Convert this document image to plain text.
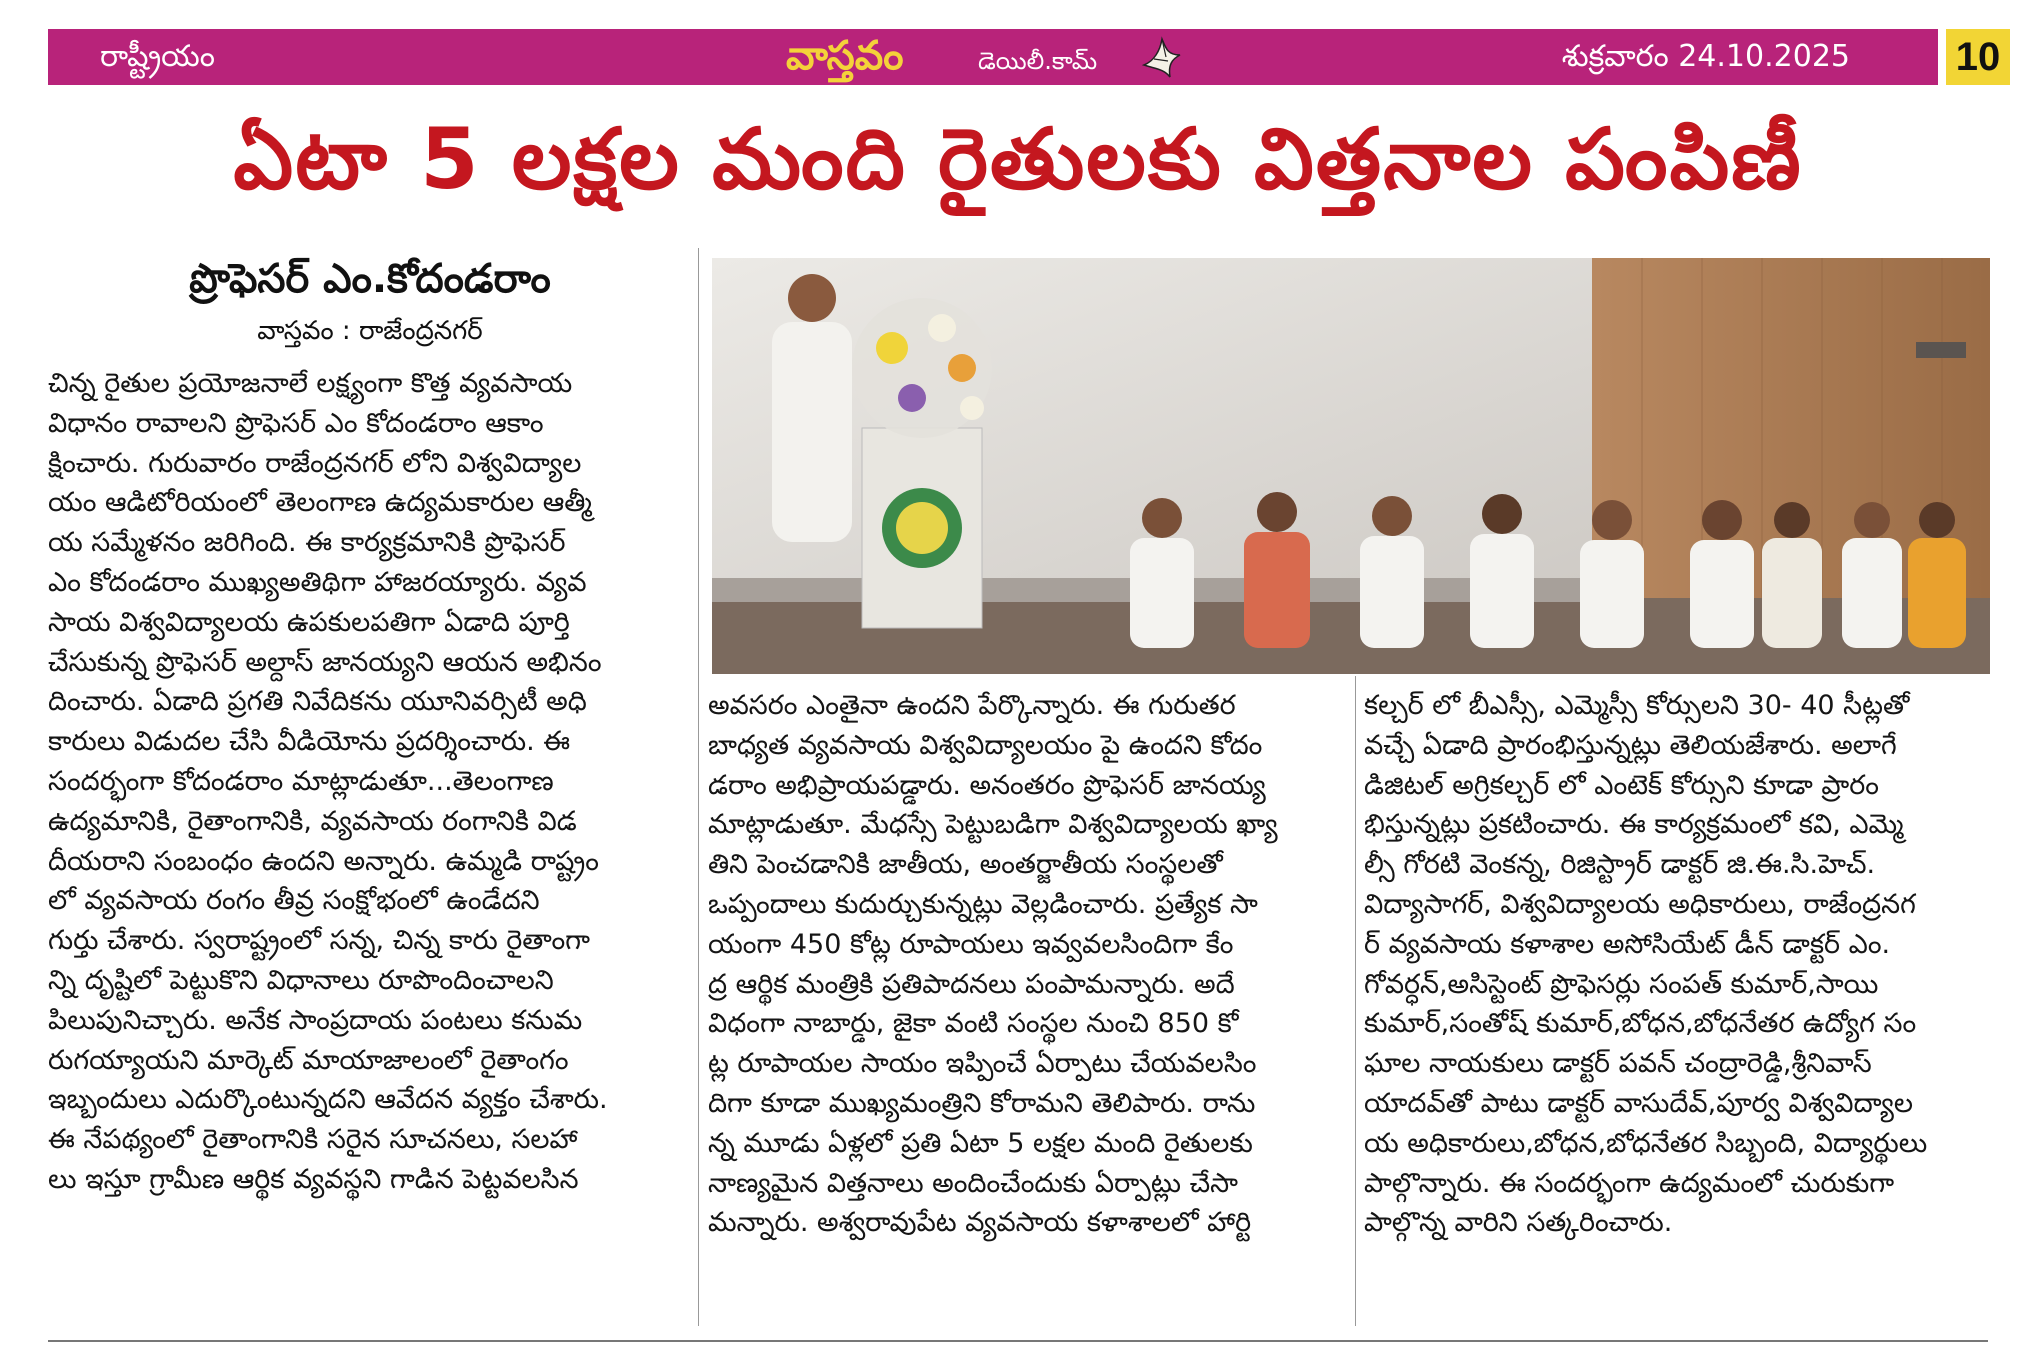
రాష్ట్రీయం	వాస్తవం	డెయిలీ.కామ్	శుక్రవారం 24.10.2025	10
ఏటా 5 లక్షల మంది రైతులకు విత్తనాల పంపిణీ
ప్రొఫెసర్ ఎం.కోదండరాం
వాస్తవం : రాజేంద్రనగర్

చిన్న రైతుల ప్రయోజనాలే లక్ష్యంగా కొత్త వ్యవసాయ

విధానం రావాలని ప్రొఫెసర్ ఎం కోదండరాం ఆకాం

క్షించారు. గురువారం రాజేంద్రనగర్ లోని విశ్వవిద్యాల

యం ఆడిటోరియంలో తెలంగాణ ఉద్యమకారుల ఆత్మీ

య సమ్మేళనం జరిగింది. ఈ కార్యక్రమానికి ప్రొఫెసర్

ఎం కోదండరాం ముఖ్యఅతిథిగా హాజరయ్యారు. వ్యవ

సాయ విశ్వవిద్యాలయ ఉపకులపతిగా ఏడాది పూర్తి

చేసుకున్న ప్రొఫెసర్ అల్దాస్ జానయ్యని ఆయన అభినం

దించారు. ఏడాది ప్రగతి నివేదికను యూనివర్సిటీ అధి

కారులు విడుదల చేసి వీడియోను ప్రదర్శించారు. ఈ

సందర్భంగా కోదండరాం మాట్లాడుతూ...తెలంగాణ

ఉద్యమానికి, రైతాంగానికి, వ్యవసాయ రంగానికి విడ

దీయరాని సంబంధం ఉందని అన్నారు. ఉమ్మడి రాష్ట్రం

లో వ్యవసాయ రంగం తీవ్ర సంక్షోభంలో ఉండేదని

గుర్తు చేశారు. స్వరాష్ట్రంలో సన్న, చిన్న కారు రైతాంగా

న్ని దృష్టిలో పెట్టుకొని విధానాలు రూపొందించాలని

పిలుపునిచ్చారు. అనేక సాంప్రదాయ పంటలు కనుమ

రుగయ్యాయని మార్కెట్ మాయాజాలంలో రైతాంగం

ఇబ్బందులు ఎదుర్కొంటున్నదని ఆవేదన వ్యక్తం చేశారు.

ఈ నేపథ్యంలో రైతాంగానికి సరైన సూచనలు, సలహా

లు ఇస్తూ గ్రామీణ ఆర్థిక వ్యవస్థని గాడిన పెట్టవలసిన

అవసరం ఎంతైనా ఉందని పేర్కొన్నారు. ఈ గురుతర

బాధ్యత వ్యవసాయ విశ్వవిద్యాలయం పై ఉందని కోదం

డరాం అభిప్రాయపడ్డారు. అనంతరం ప్రొఫెసర్ జానయ్య

మాట్లాడుతూ. మేధస్సే పెట్టుబడిగా విశ్వవిద్యాలయ ఖ్యా

తిని పెంచడానికి జాతీయ, అంతర్జాతీయ సంస్థలతో

ఒప్పందాలు కుదుర్చుకున్నట్లు వెల్లడించారు. ప్రత్యేక సా

యంగా 450 కోట్ల రూపాయలు ఇవ్వవలసిందిగా కేం

ద్ర ఆర్థిక మంత్రికి ప్రతిపాదనలు పంపామన్నారు. అదే

విధంగా నాబార్డు, జైకా వంటి సంస్థల నుంచి 850 కో

ట్ల రూపాయల సాయం ఇప్పించే ఏర్పాటు చేయవలసిం

దిగా కూడా ముఖ్యమంత్రిని కోరామని తెలిపారు. రాను

న్న మూడు ఏళ్లలో ప్రతి ఏటా 5 లక్షల మంది రైతులకు

నాణ్యమైన విత్తనాలు అందించేందుకు ఏర్పాట్లు చేసా

మన్నారు. అశ్వరావుపేట వ్యవసాయ కళాశాలలో హార్టి

కల్చర్ లో బీఎస్సీ, ఎమ్మెస్సీ కోర్సులని 30- 40 సీట్లతో

వచ్చే ఏడాది ప్రారంభిస్తున్నట్లు తెలియజేశారు. అలాగే

డిజిటల్ అగ్రికల్చర్ లో ఎంటెక్ కోర్సుని కూడా ప్రారం

భిస్తున్నట్లు ప్రకటించారు. ఈ కార్యక్రమంలో కవి, ఎమ్మె

ల్సీ గోరటి వెంకన్న, రిజిస్ట్రార్ డాక్టర్ జి.ఈ.సి.హెచ్.

విద్యాసాగర్, విశ్వవిద్యాలయ అధికారులు, రాజేంద్రనగ

ర్ వ్యవసాయ కళాశాల అసోసియేట్ డీన్ డాక్టర్ ఎం.

గోవర్ధన్,అసిస్టెంట్ ప్రొఫెసర్లు సంపత్ కుమార్,సాయి

కుమార్,సంతోష్ కుమార్,బోధన,బోధనేతర ఉద్యోగ సం

ఘాల నాయకులు డాక్టర్ పవన్ చంద్రారెడ్డి,శ్రీనివాస్

యాదవ్‌తో పాటు డాక్టర్ వాసుదేవ్,పూర్వ విశ్వవిద్యాల

య అధికారులు,బోధన,బోధనేతర సిబ్బంది, విద్యార్థులు

పాల్గొన్నారు. ఈ సందర్భంగా ఉద్యమంలో చురుకుగా

పాల్గొన్న వారిని సత్కరించారు.
